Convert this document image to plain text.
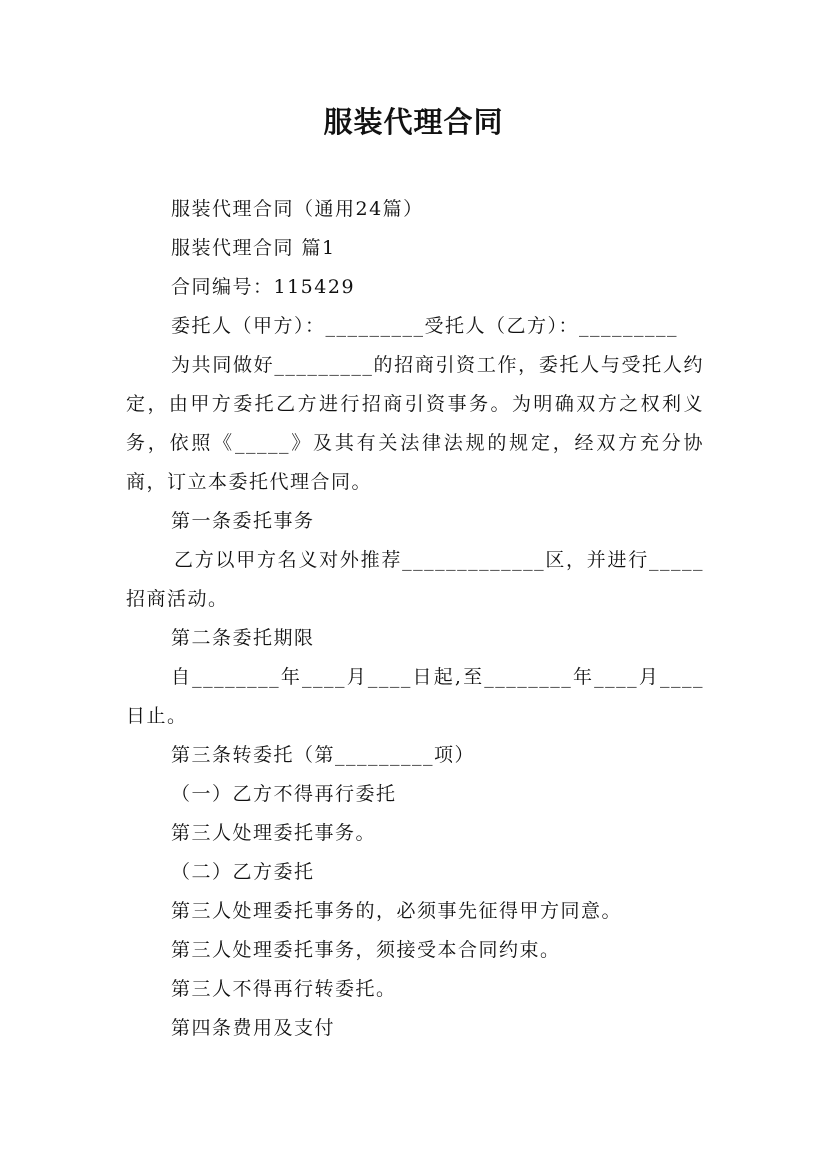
服装代理合同

服装代理合同（通用24篇）

服装代理合同 篇1

合同编号：115429

委托人（甲方）：_________受托人（乙方）：_________

为共同做好_________的招商引资工作，委托人与受托人约定，由甲方委托乙方进行招商引资事务。为明确双方之权利义务，依照《_____》及其有关法律法规的规定，经双方充分协商，订立本委托代理合同。

第一条委托事务

乙方以甲方名义对外推荐_____________区，并进行_____招商活动。

第二条委托期限

自________年____月____日起,至________年____月____日止。

第三条转委托（第_________项）

（一）乙方不得再行委托

第三人处理委托事务。

（二）乙方委托

第三人处理委托事务的，必须事先征得甲方同意。

第三人处理委托事务，须接受本合同约束。

第三人不得再行转委托。

第四条费用及支付
